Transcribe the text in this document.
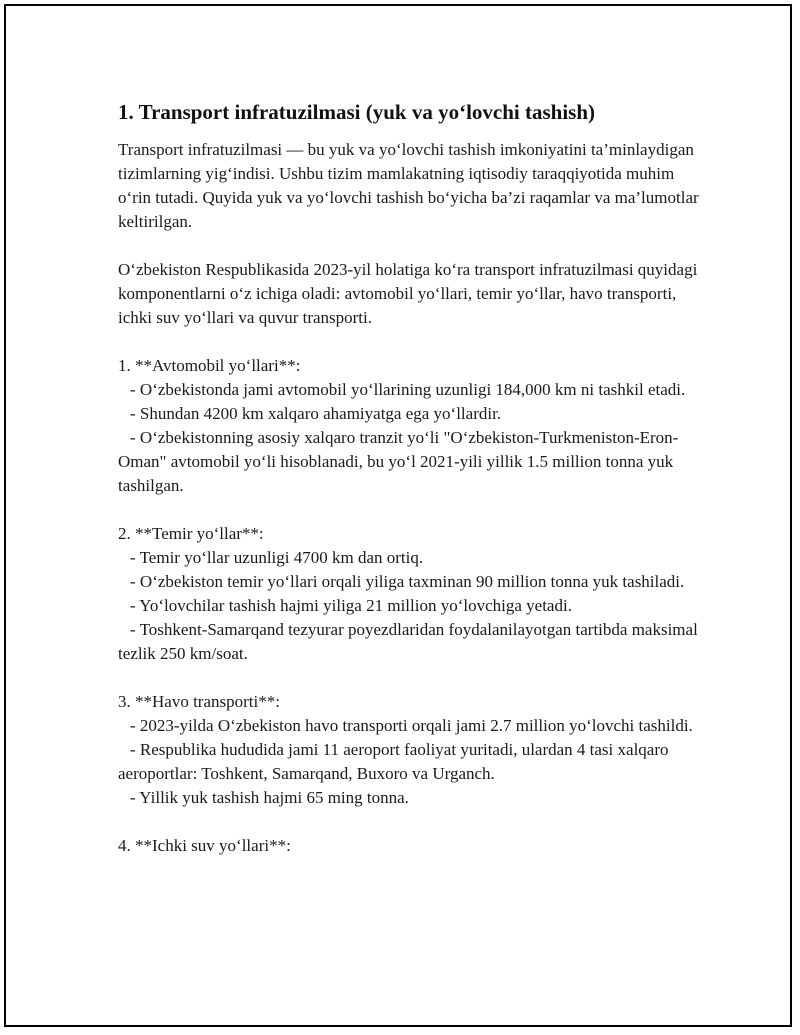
1. Transport infratuzilmasi (yuk va yo‘lovchi tashish)

Transport infratuzilmasi — bu yuk va yo‘lovchi tashish imkoniyatini ta’minlaydigan tizimlarning yig‘indisi. Ushbu tizim mamlakatning iqtisodiy taraqqiyotida muhim o‘rin tutadi. Quyida yuk va yo‘lovchi tashish bo‘yicha ba’zi raqamlar va ma’lumotlar keltirilgan.

O‘zbekiston Respublikasida 2023-yil holatiga ko‘ra transport infratuzilmasi quyidagi komponentlarni o‘z ichiga oladi: avtomobil yo‘llari, temir yo‘llar, havo transporti, ichki suv yo‘llari va quvur transporti.

1. **Avtomobil yo‘llari**:

- O‘zbekistonda jami avtomobil yo‘llarining uzunligi 184,000 km ni tashkil etadi.

- Shundan 4200 km xalqaro ahamiyatga ega yo‘llardir.

- O‘zbekistonning asosiy xalqaro tranzit yo‘li "O‘zbekiston-Turkmeniston-Eron-Oman" avtomobil yo‘li hisoblanadi, bu yo‘l 2021-yili yillik 1.5 million tonna yuk tashilgan.

2. **Temir yo‘llar**:

- Temir yo‘llar uzunligi 4700 km dan ortiq.

- O‘zbekiston temir yo‘llari orqali yiliga taxminan 90 million tonna yuk tashiladi.

- Yo‘lovchilar tashish hajmi yiliga 21 million yo‘lovchiga yetadi.

- Toshkent-Samarqand tezyurar poyezdlaridan foydalanilayotgan tartibda maksimal tezlik 250 km/soat.

3. **Havo transporti**:

- 2023-yilda O‘zbekiston havo transporti orqali jami 2.7 million yo‘lovchi tashildi.

- Respublika hududida jami 11 aeroport faoliyat yuritadi, ulardan 4 tasi xalqaro aeroportlar: Toshkent, Samarqand, Buxoro va Urganch.

- Yillik yuk tashish hajmi 65 ming tonna.

4. **Ichki suv yo‘llari**:
